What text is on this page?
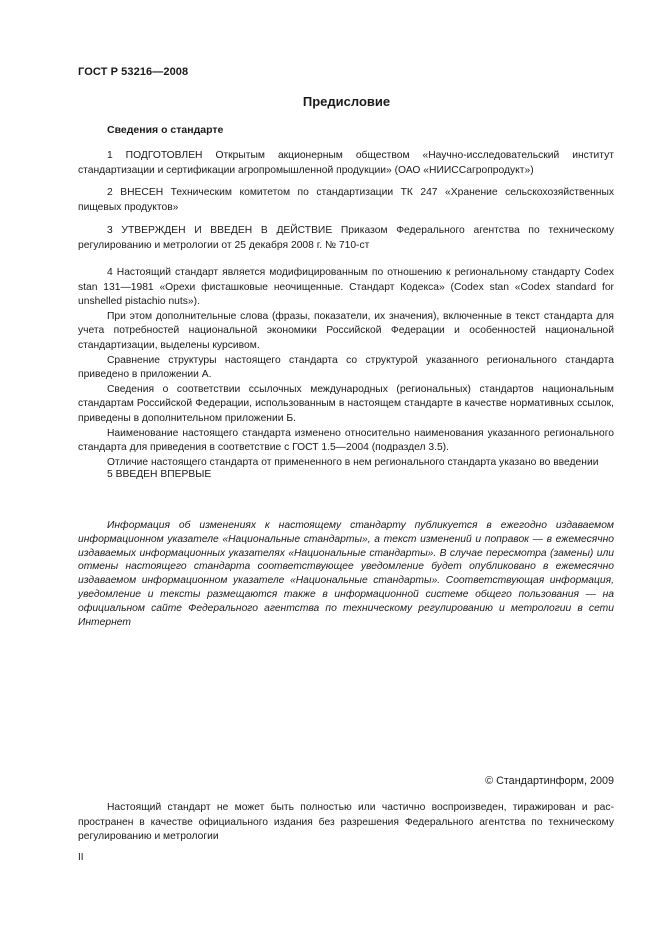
ГОСТ Р 53216—2008
Предисловие
Сведения о стандарте
1 ПОДГОТОВЛЕН Открытым акционерным обществом «Научно-исследовательский институт стандартизации и сертификации агропромышленной продукции» (ОАО «НИИССагропродукт»)
2 ВНЕСЕН Техническим комитетом по стандартизации ТК 247 «Хранение сельскохозяйственных пищевых продуктов»
3 УТВЕРЖДЕН И ВВЕДЕН В ДЕЙСТВИЕ Приказом Федерального агентства по техническому регулированию и метрологии от 25 декабря 2008 г. № 710-ст

4 Настоящий стандарт является модифицированным по отношению к региональному стандарту Codex stan 131—1981 «Орехи фисташковые неочищенные. Стандарт Кодекса» (Codex stan «Codex standard for unshelled pistachio nuts»).

При этом дополнительные слова (фразы, показатели, их значения), включенные в текст стандарта для учета потребностей национальной экономики Российской Федерации и особенностей национальной стандартизации, выделены курсивом.

Сравнение структуры настоящего стандарта со структурой указанного регионального стандарта приведено в приложении А.

Сведения о соответствии ссылочных международных (региональных) стандартов национальным стандартам Российской Федерации, использованным в настоящем стандарте в качестве нормативных ссылок, приведены в дополнительном приложении Б.

Наименование настоящего стандарта изменено относительно наименования указанного регионального стандарта для приведения в соответствие с ГОСТ 1.5—2004 (подраздел 3.5).

Отличие настоящего стандарта от примененного в нем регионального стандарта указано во введении

5 ВВЕДЕН ВПЕРВЫЕ
Информация об изменениях к настоящему стандарту публикуется в ежегодно издаваемом информационном указателе «Национальные стандарты», а текст изменений и поправок — в ежемесячно издаваемых информационных указателях «Национальные стандарты». В случае пересмотра (замены) или отмены настоящего стандарта соответствующее уведомление будет опубликовано в ежемесячно издаваемом информационном указателе «Национальные стандарты». Соответствующая информация, уведомление и тексты размещаются также в информационной системе общего пользования — на официальном сайте Федерального агентства по техническому регулированию и метрологии в сети Интернет
© Стандартинформ, 2009
Настоящий стандарт не может быть полностью или частично воспроизведен, тиражирован и распространен в качестве официального издания без разрешения Федерального агентства по техническому регулированию и метрологии
II
